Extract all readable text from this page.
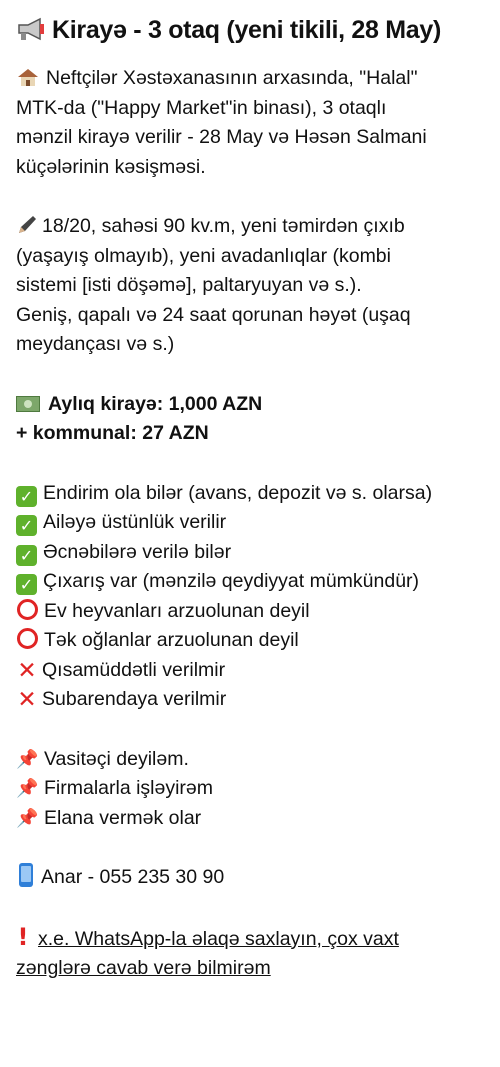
Kirayə - 3 otaq (yeni tikili, 28 May)
Neftçilər Xəstəxanasının arxasında, "Halal"
MTK-da ("Happy Market"in binası), 3 otaqlı
mənzil kirayə verilir - 28 May və Həsən Salmani
küçələrinin kəsişməsi.
18/20, sahəsi 90 kv.m, yeni təmirdən çıxıb
(yaşayış olmayıb), yeni avadanlıqlar (kombi
sistemi [isti döşəmə], paltaryuyan və s.).
Geniş, qapalı və 24 saat qorunan həyət (uşaq
meydançası və s.)
Aylıq kirayə: 1,000 AZN
+ kommunal: 27 AZN
✓ Endirim ola bilər (avans, depozit və s. olarsa)
✓ Ailəyə üstünlük verilir
✓ Əcnəbilərə verilə bilər
✓ Çıxarış var (mənzilə qeydiyyat mümkündür)
Ev heyvanları arzuolunan deyil
Tək oğlanlar arzuolunan deyil
✕ Qısamüddətli verilmir
✕ Subarendaya verilmir
📌 Vasitəçi deyiləm.
📌 Firmalarla işləyirəm
📌 Elana vermək olar
Anar - 055 235 30 90
! x.e. WhatsApp-la əlaqə saxlayın, çox vaxt
zənglərə cavab verə bilmirəm
